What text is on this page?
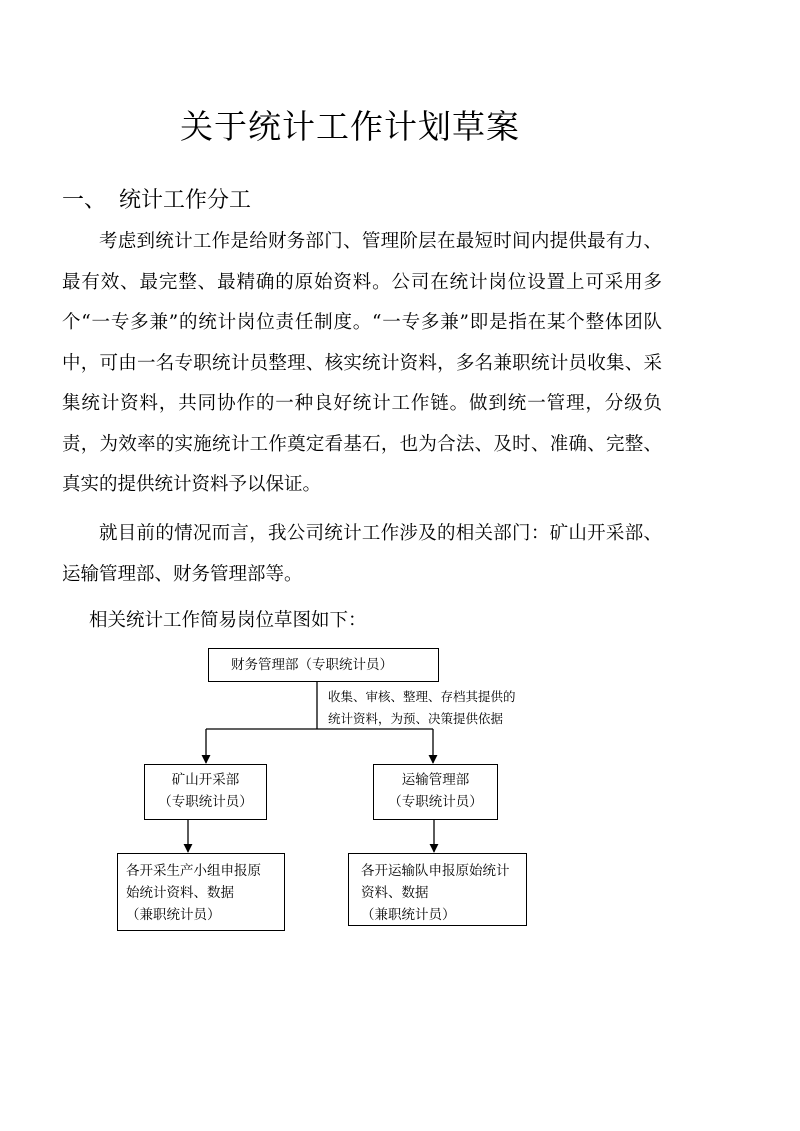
关于统计工作计划草案
一、 统计工作分工

考虑到统计工作是给财务部门、管理阶层在最短时间内提供最有力、最有效、最完整、最精确的原始资料。公司在统计岗位设置上可采用多个“一专多兼”的统计岗位责任制度。“一专多兼”即是指在某个整体团队中，可由一名专职统计员整理、核实统计资料，多名兼职统计员收集、采集统计资料，共同协作的一种良好统计工作链。做到统一管理，分级负责，为效率的实施统计工作奠定看基石，也为合法、及时、准确、完整、真实的提供统计资料予以保证。

就目前的情况而言，我公司统计工作涉及的相关部门：矿山开采部、运输管理部、财务管理部等。

相关统计工作简易岗位草图如下：

财务管理部（专职统计员）
收集、审核、整理、存档其提供的
统计资料，为预、决策提供依据
矿山开采部
（专职统计员）
运输管理部
（专职统计员）
各开采生产小组申报原
始统计资料、数据
（兼职统计员）
各开运输队申报原始统计
资料、数据
（兼职统计员）
